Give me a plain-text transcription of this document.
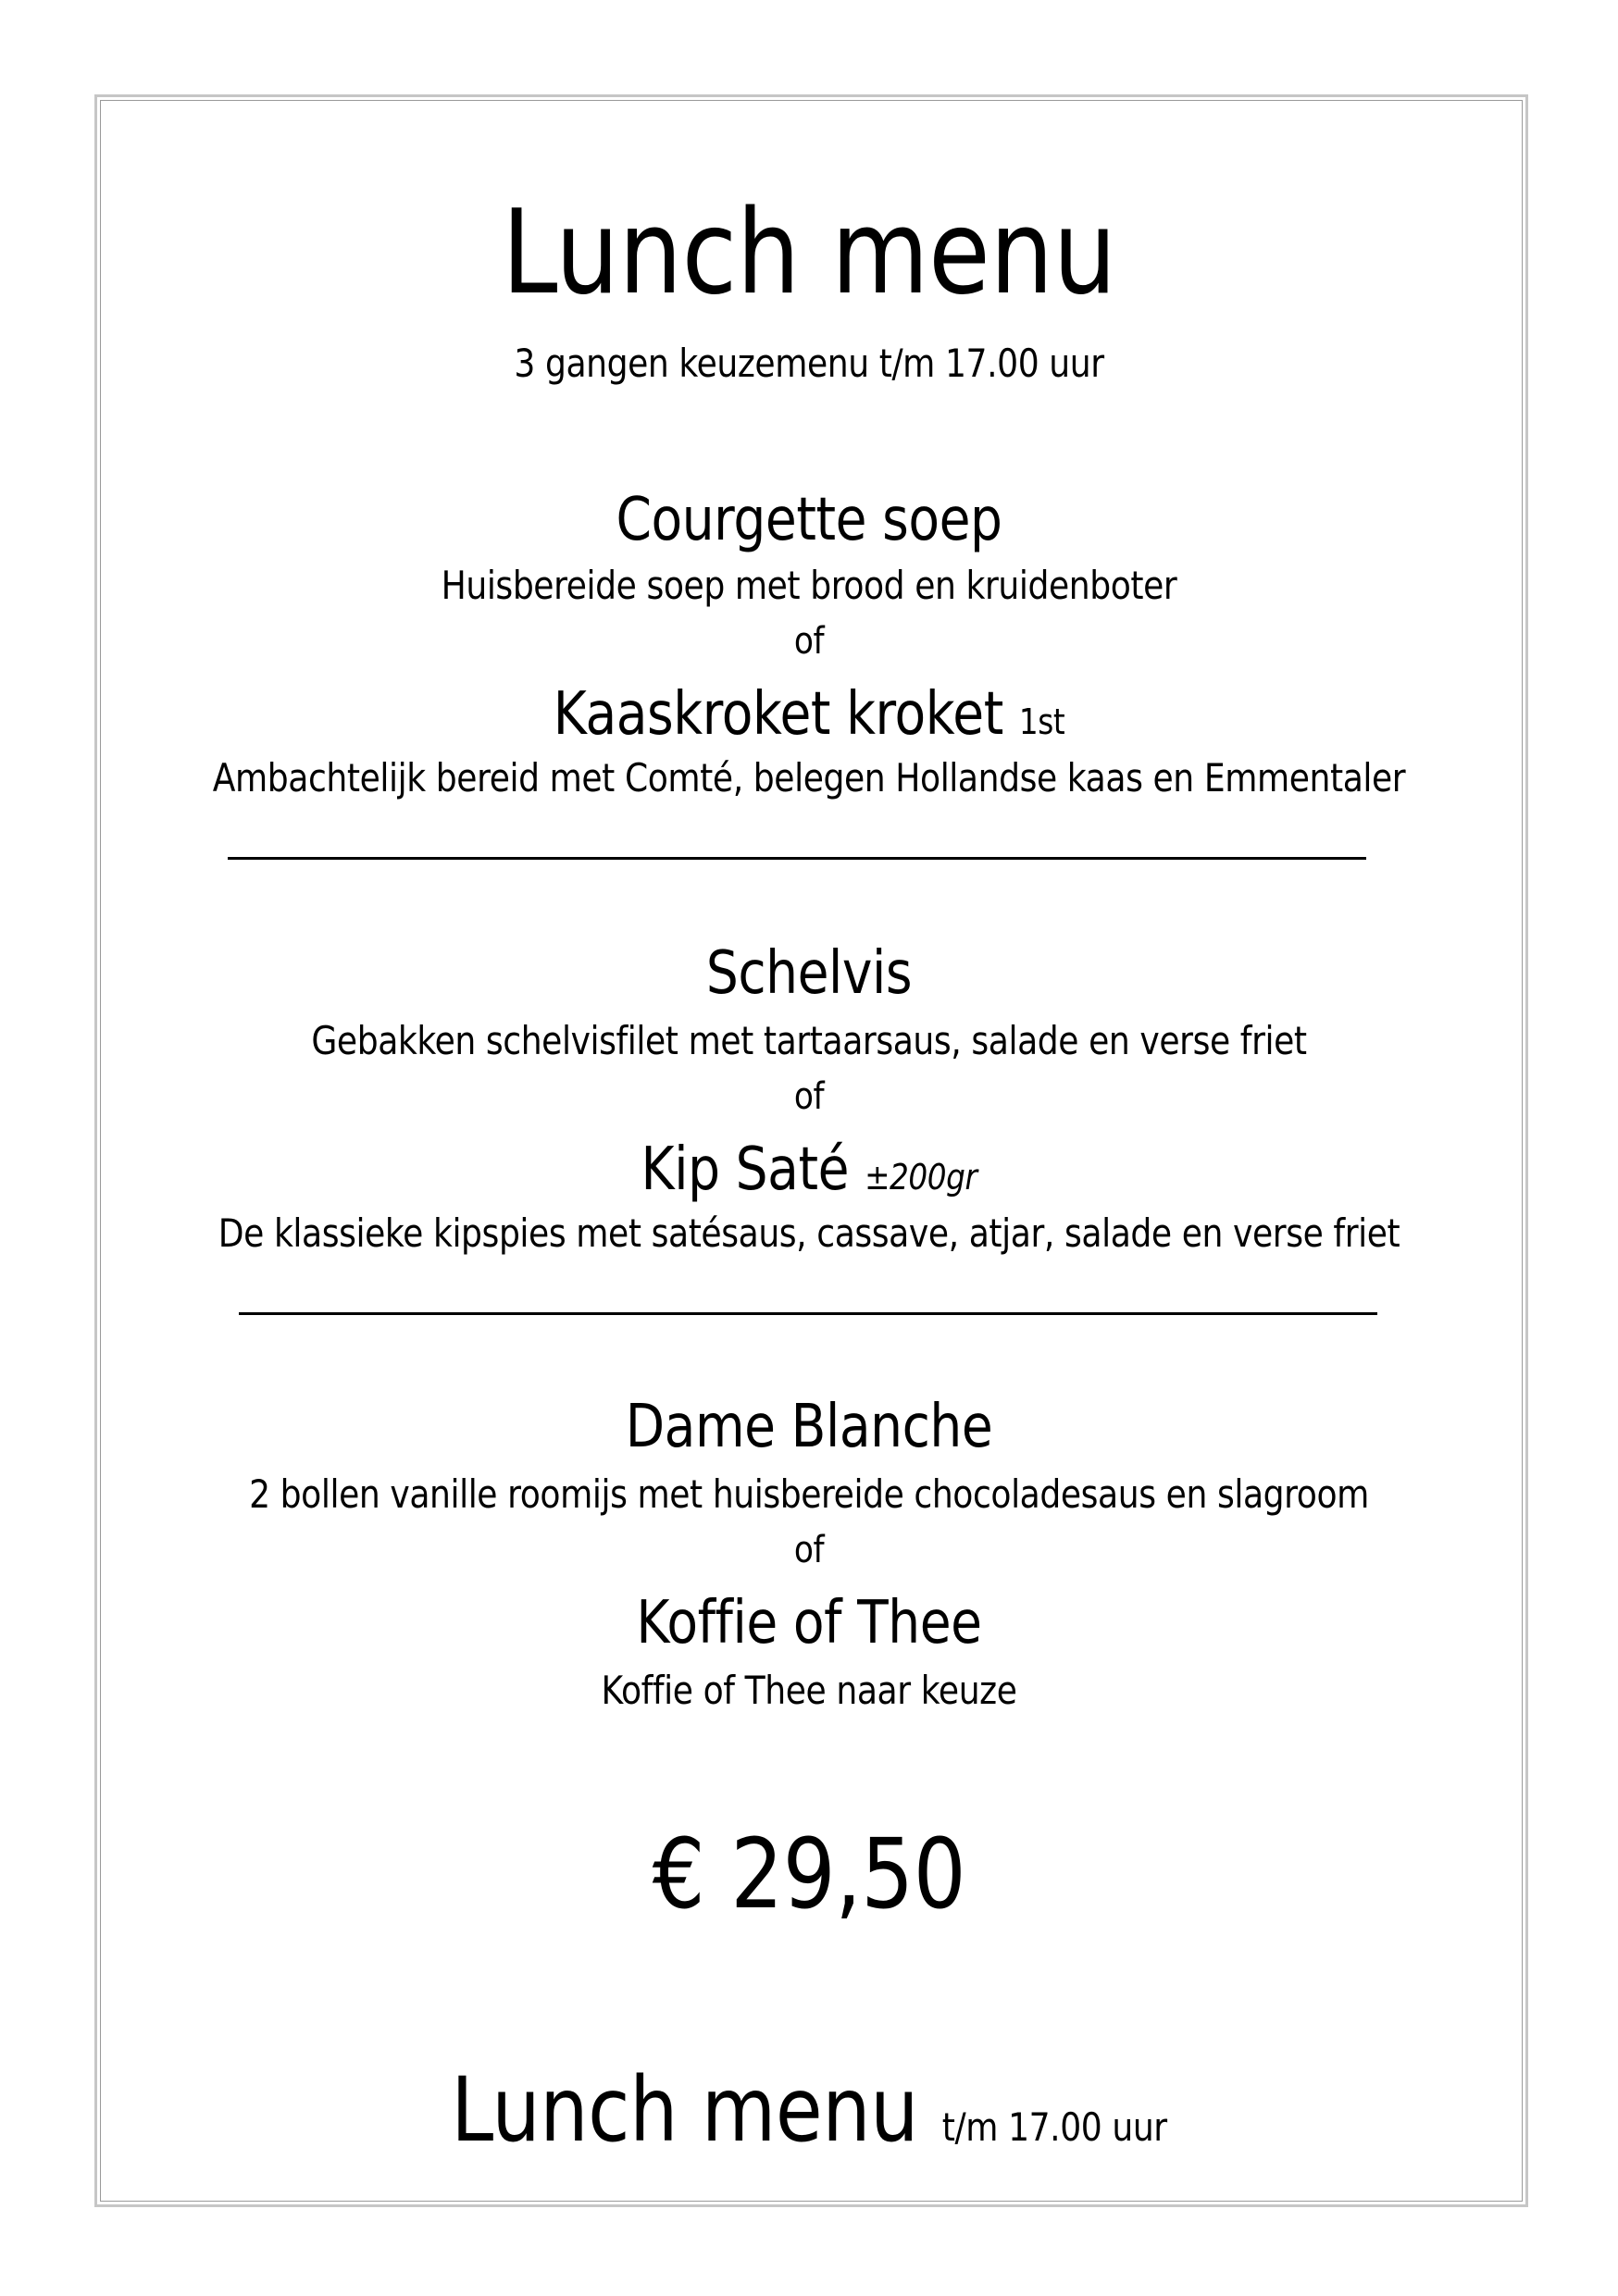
Lunch menu
3 gangen keuzemenu t/m 17.00 uur
Courgette soep
Huisbereide soep met brood en kruidenboter
of
Kaaskroket kroket 1st
Ambachtelijk bereid met Comté, belegen Hollandse kaas en Emmentaler
Schelvis
Gebakken schelvisfilet met tartaarsaus, salade en verse friet
of
Kip Saté ±200gr
De klassieke kipspies met satésaus, cassave, atjar, salade en verse friet
Dame Blanche
2 bollen vanille roomijs met huisbereide chocoladesaus en slagroom
of
Koffie of Thee
Koffie of Thee naar keuze
€ 29,50
Lunch menu t/m 17.00 uur
